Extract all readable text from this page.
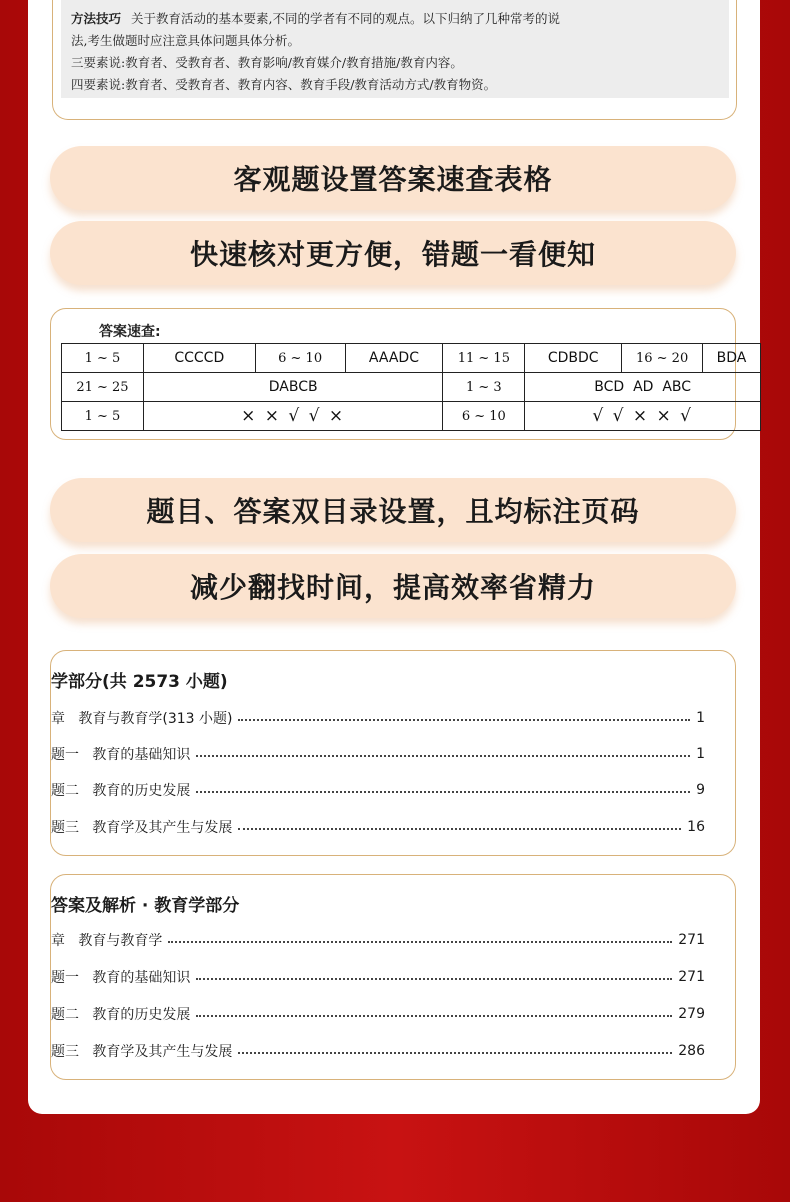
方法技巧 关于教育活动的基本要素,不同的学者有不同的观点。以下归纳了几种常考的说
法,考生做题时应注意具体问题具体分析。
三要素说:教育者、受教育者、教育影响/教育媒介/教育措施/教育内容。
四要素说:教育者、受教育者、教育内容、教育手段/教育活动方式/教育物资。
客观题设置答案速查表格
快速核对更方便，错题一看便知
答案速查:
1 ~ 5	CCCCD	6 ~ 10	AAADC	11 ~ 15	CDBDC	16 ~ 20	BDA
21 ~ 25	DABCB			1 ~ 3	BCD  AD  ABC		
1 ~ 5	× × √ √ ×			6 ~ 10	√ √ × × √		
题目、答案双目录设置，且均标注页码
减少翻找时间，提高效率省精力
学部分(共 2573 小题)
章 教育与教育学(313 小题)	1
题一 教育的基础知识	1
题二 教育的历史发展	9
题三 教育学及其产生与发展	16
答案及解析 · 教育学部分
章 教育与教育学	271
题一 教育的基础知识	271
题二 教育的历史发展	279
题三 教育学及其产生与发展	286
